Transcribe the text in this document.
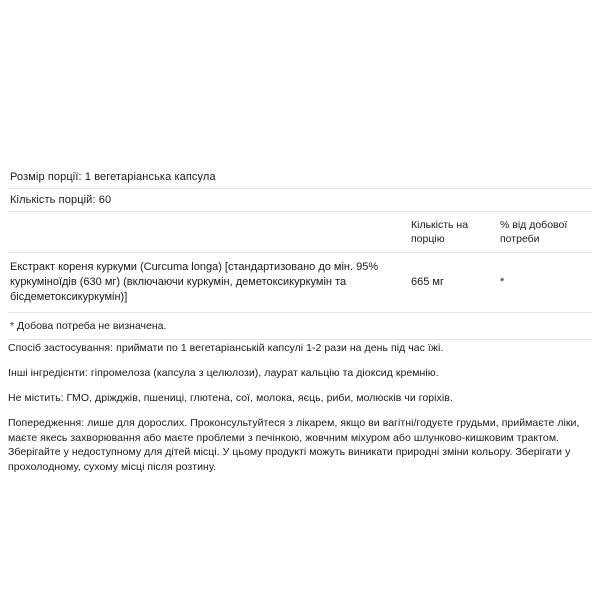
Розмір порції: 1 вегетаріанська капсула
Кількість порцій: 60
Кількість на порцію
% від добової потреби
Екстракт кореня куркуми (Curcuma longa) [стандартизовано до мін. 95% куркуміноїдів (630 мг) (включаючи куркумін, деметоксикуркумін та бісдеметоксикуркумін)]
665 мг	*
* Добова потреба не визначена.

Спосіб застосування: приймати по 1 вегетаріанській капсулі 1-2 рази на день під час їжі.

Інші інгредієнти: гіпромелоза (капсула з целюлози), лаурат кальцію та діоксид кремнію.

Не містить: ГМО, дріжджів, пшениці, глютена, сої, молока, яєць, риби, молюсків чи горіхів.

Попередження: лише для дорослих. Проконсультуйтеся з лікарем, якщо ви вагітні/годуєте грудьми, приймаєте ліки, маєте якесь захворювання або маєте проблеми з печінкою, жовчним міхуром або шлунково-кишковим трактом. Зберігайте у недоступному для дітей місці. У цьому продукті можуть виникати природні зміни кольору. Зберігати у прохолодному, сухому місці після розтину.
